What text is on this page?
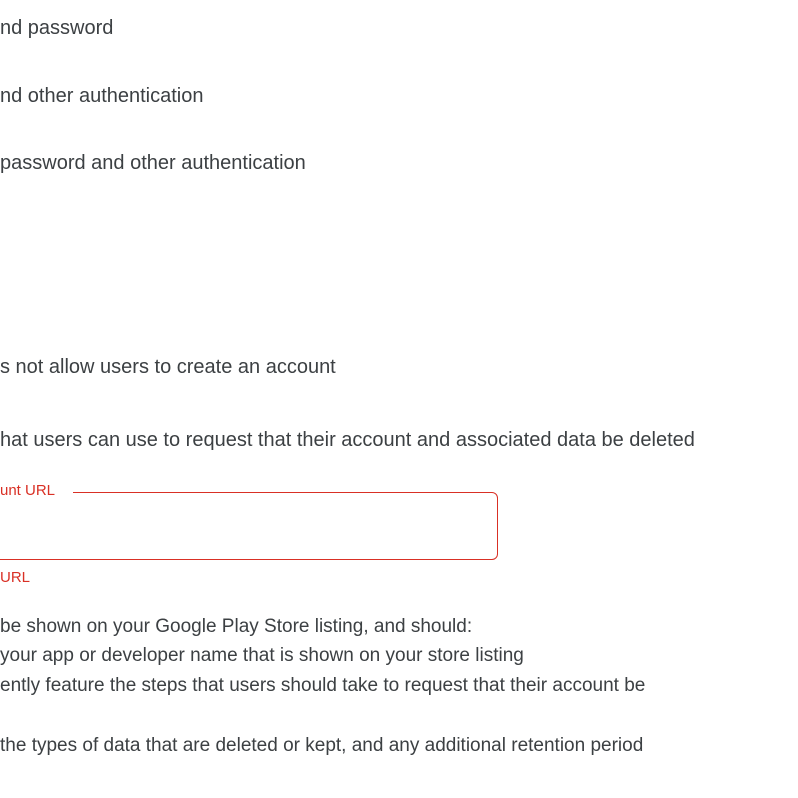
nd password
nd other authentication
password and other authentication
s not allow users to create an account
hat users can use to request that their account and associated data be deleted
unt URL
URL
be shown on your Google Play Store listing, and should:
your app or developer name that is shown on your store listing
ently feature the steps that users should take to request that their account be
the types of data that are deleted or kept, and any additional retention period
